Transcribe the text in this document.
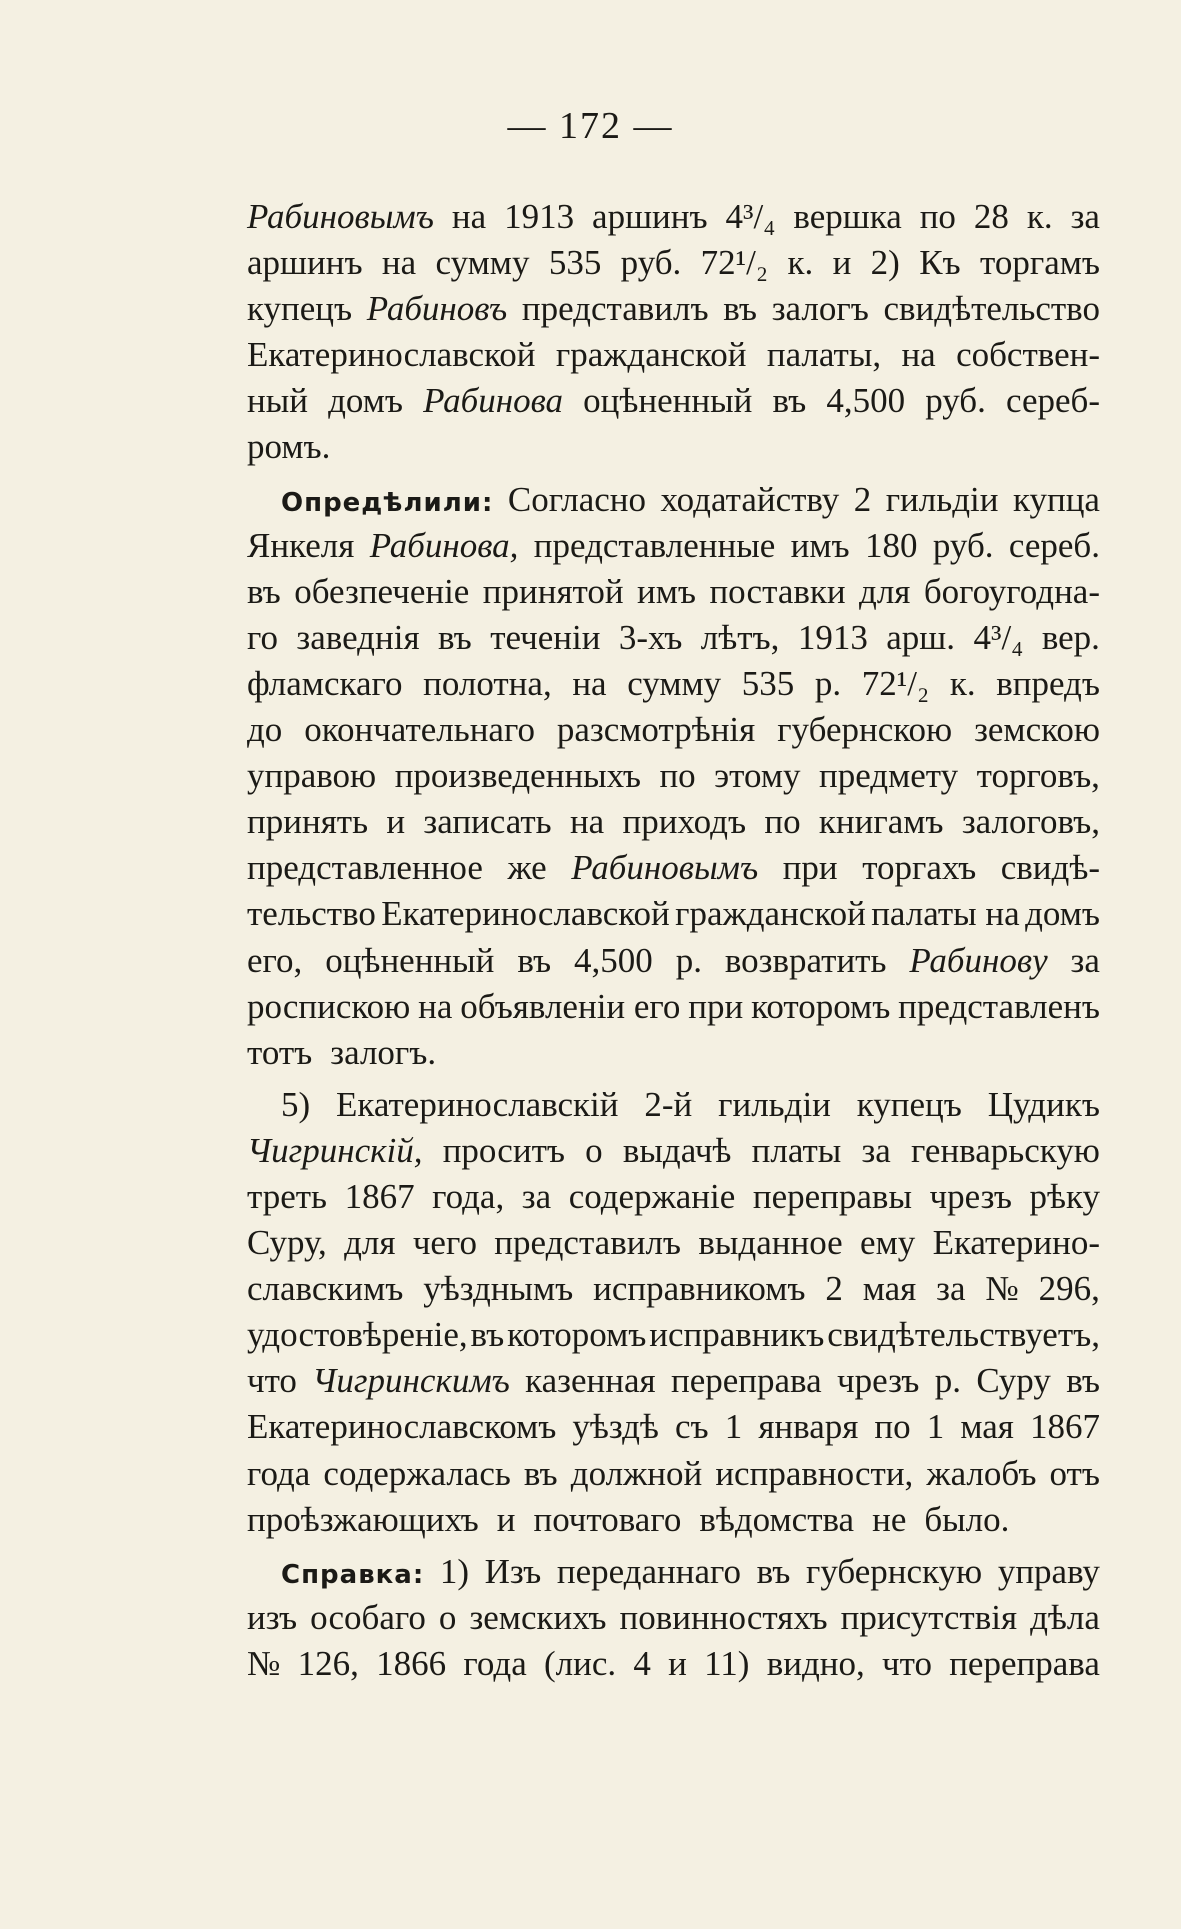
— 172 —
Рабиновымъ на 1913 аршинъ 4³/₄ вершка по 28 к. за
аршинъ на сумму 535 руб. 72¹/₂ к. и 2) Къ торгамъ
купецъ Рабиновъ представилъ въ залогъ свидѣтельство
Екатеринославской гражданской палаты, на собствен-
ный домъ Рабинова оцѣненный въ 4,500 руб. сереб-
ромъ.
Опредѣлили: Согласно ходатайству 2 гильдіи купца
Янкеля Рабинова, представленные имъ 180 руб. сереб.
въ обезпеченіе принятой имъ поставки для богоугодна-
го заведнія въ теченіи 3-хъ лѣтъ, 1913 арш. 4³/₄ вер.
фламскаго полотна, на сумму 535 р. 72¹/₂ к. впредъ
до окончательнаго разсмотрѣнія губернскою земскою
управою произведенныхъ по этому предмету торговъ,
принять и записать на приходъ по книгамъ залоговъ,
представленное же Рабиновымъ при торгахъ свидѣ-
тельство Екатеринославской гражданской палаты на домъ
его, оцѣненный въ 4,500 р. возвратить Рабинову за
роспискою на объявленіи его при которомъ представленъ
тотъ залогъ.
5) Екатеринославскій 2-й гильдіи купецъ Цудикъ
Чигринскій, проситъ о выдачѣ платы за генварьскую
треть 1867 года, за содержаніе переправы чрезъ рѣку
Суру, для чего представилъ выданное ему Екатерино-
славскимъ уѣзднымъ исправникомъ 2 мая за № 296,
удостовѣреніе, въ которомъ исправникъ свидѣтельствуетъ,
что Чигринскимъ казенная переправа чрезъ р. Суру въ
Екатеринославскомъ уѣздѣ съ 1 января по 1 мая 1867
года содержалась въ должной исправности, жалобъ отъ
проѣзжающихъ и почтоваго вѣдомства не было.
Справка: 1) Изъ переданнаго въ губернскую управу
изъ особаго о земскихъ повинностяхъ присутствія дѣла
№ 126, 1866 года (лис. 4 и 11) видно, что переправа
